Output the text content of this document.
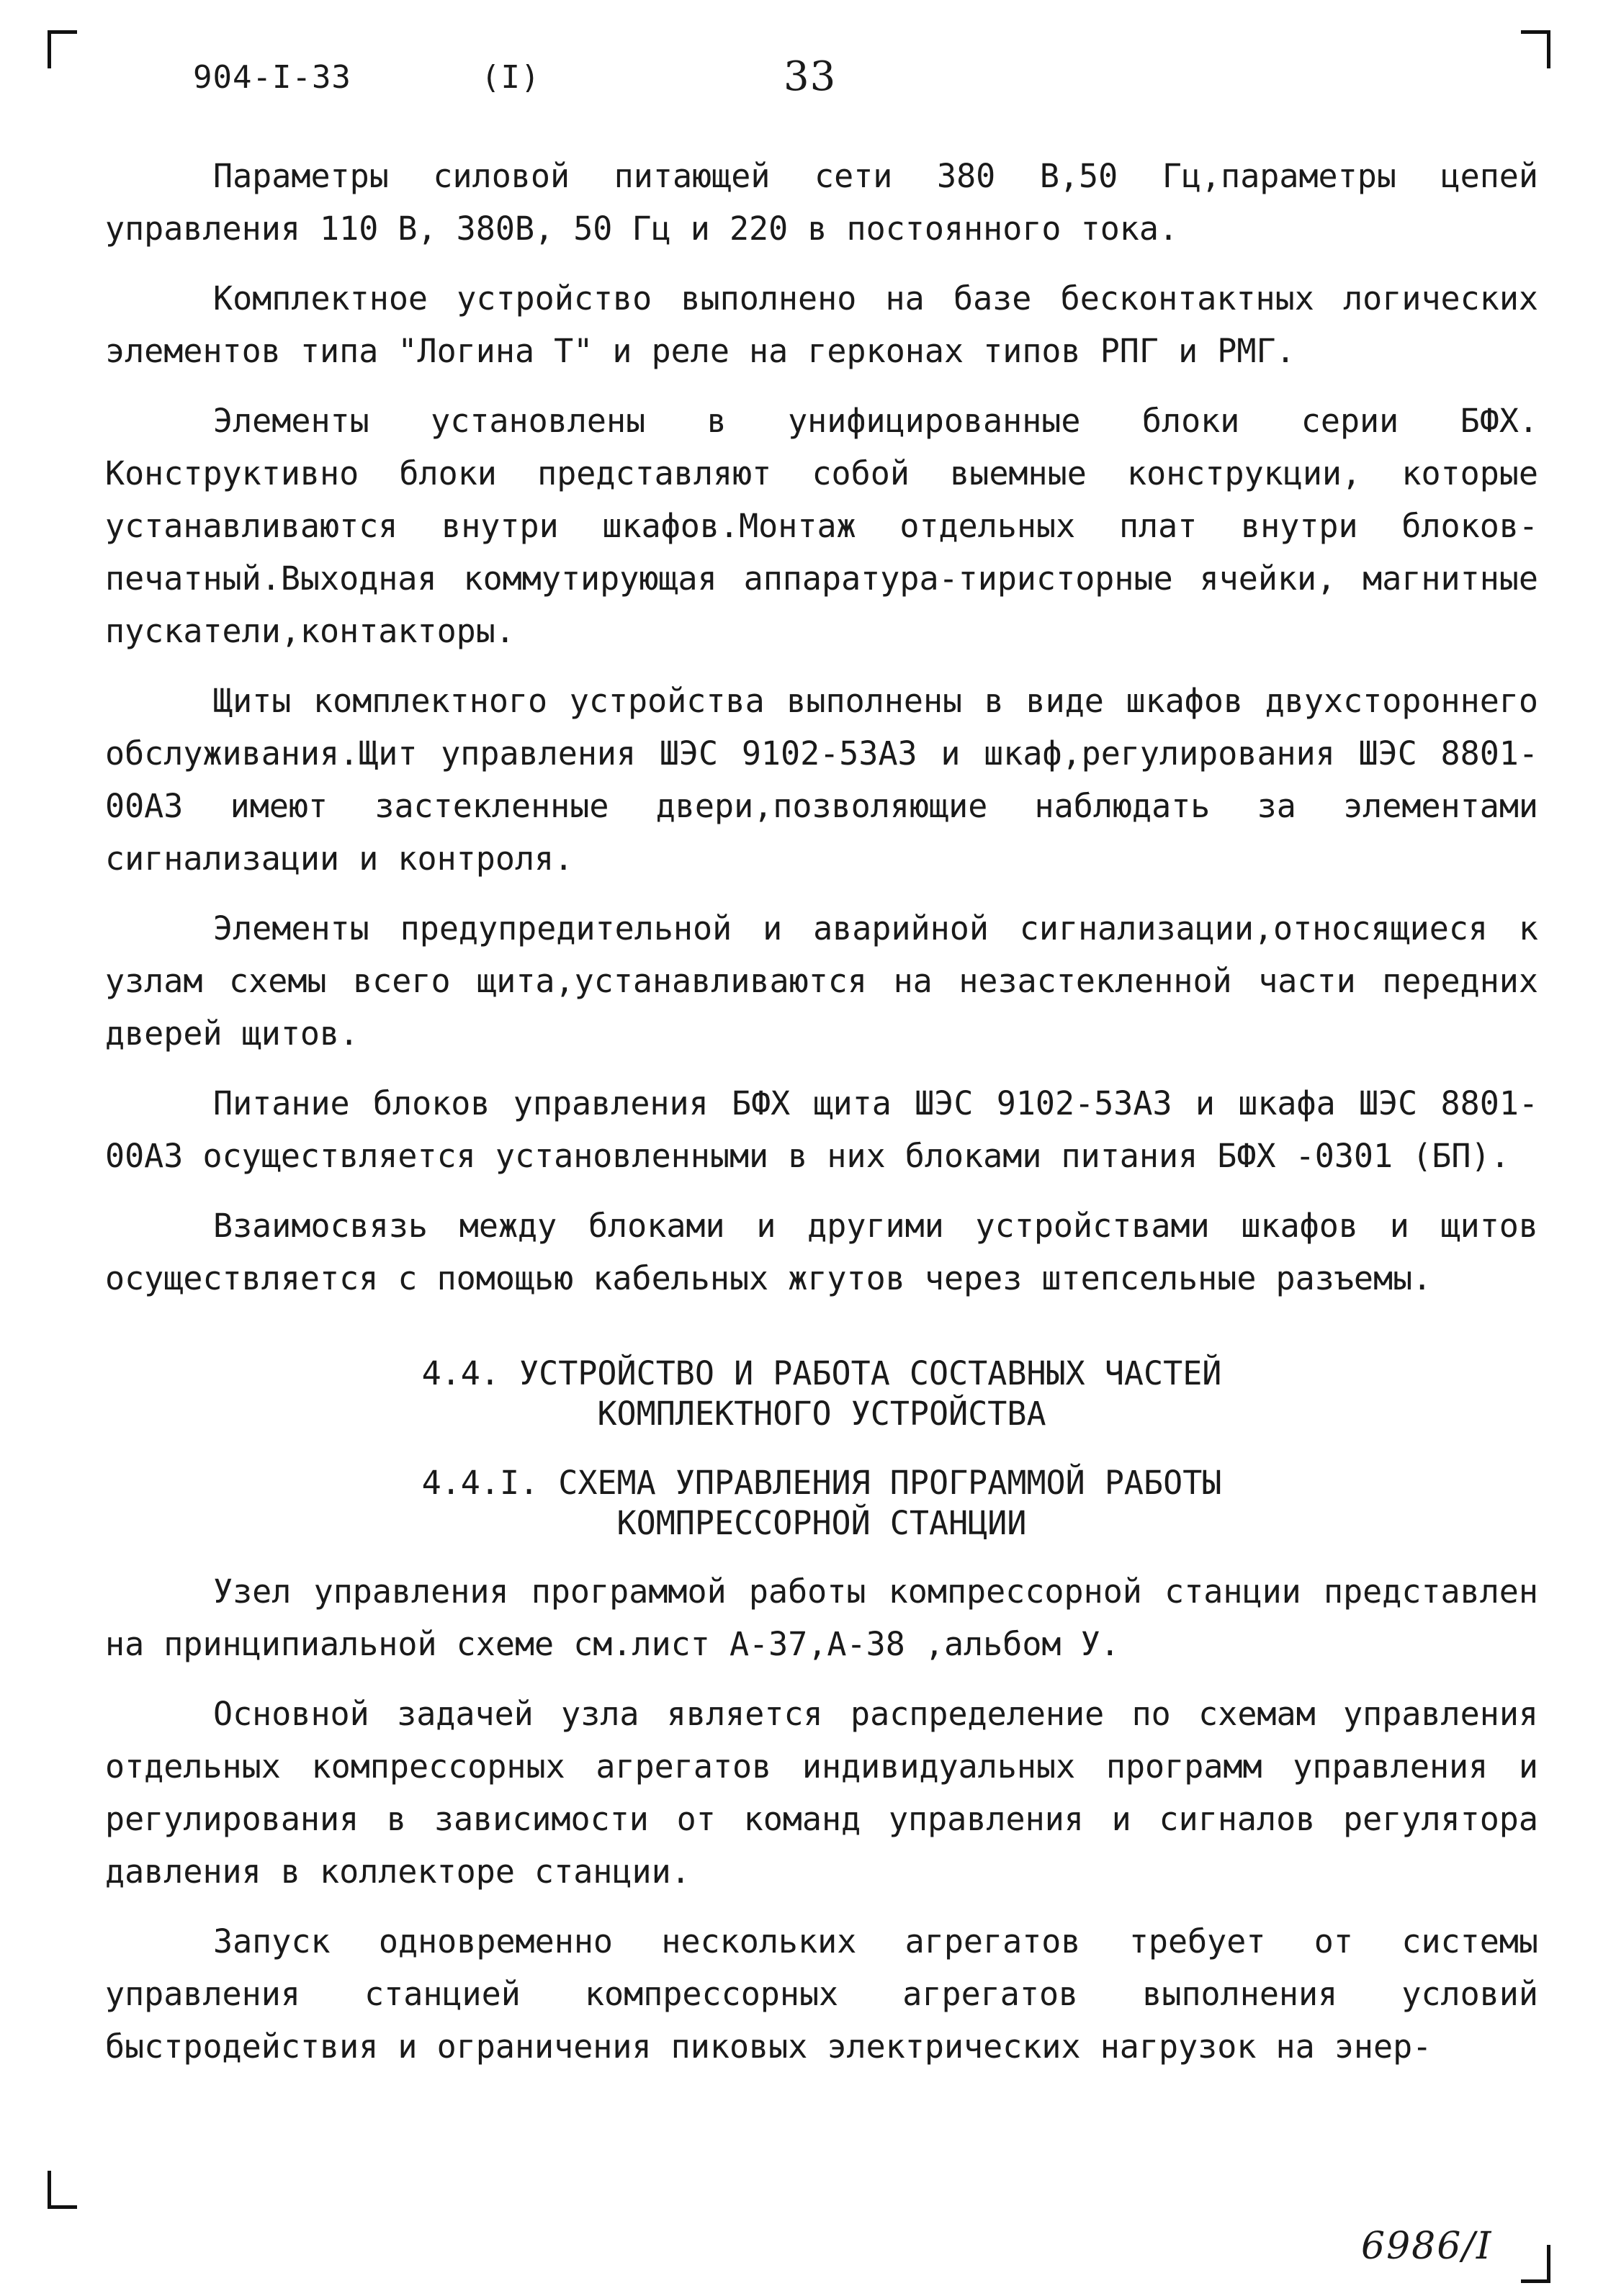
904-I-33	(I)	33

Параметры силовой питающей сети 380 В,50 Гц,параметры цепей управления 110 В, 380В, 50 Гц и 220 в постоянного тока.

Комплектное устройство выполнено на базе бесконтактных логических элементов типа "Логина Т" и реле на герконах типов РПГ и РМГ.

Элементы установлены в унифицированные блоки серии БФХ. Конструктивно блоки представляют собой выемные конструкции, которые устанавливаются внутри шкафов.Монтаж отдельных плат внутри блоков-печатный.Выходная коммутирующая аппаратура-тиристорные ячейки, магнитные пускатели,контакторы.

Щиты комплектного устройства выполнены в виде шкафов двухстороннего обслуживания.Щит управления ШЭС 9102-53АЗ и шкаф,регулирования ШЭС 8801-00АЗ имеют застекленные двери,позволяющие наблюдать за элементами сигнализации и контроля.

Элементы предупредительной и аварийной сигнализации,относящиеся к узлам схемы всего щита,устанавливаются на незастекленной части передних дверей щитов.

Питание блоков управления БФХ щита ШЭС 9102-53АЗ и шкафа ШЭС 8801-00АЗ осуществляется установленными в них блоками питания БФХ -0301 (БП).

Взаимосвязь между блоками и другими устройствами шкафов и щитов осуществляется с помощью кабельных жгутов через штепсельные разъемы.

4.4. УСТРОЙСТВО И РАБОТА СОСТАВНЫХ ЧАСТЕЙ
КОМПЛЕКТНОГО УСТРОЙСТВА
4.4.I. СХЕМА УПРАВЛЕНИЯ ПРОГРАММОЙ РАБОТЫ
КОМПРЕССОРНОЙ СТАНЦИИ

Узел управления программой работы компрессорной станции представлен на принципиальной схеме см.лист А-37,А-38 ,альбом У.

Основной задачей узла является распределение по схемам управления отдельных компрессорных агрегатов индивидуальных программ управления и регулирования в зависимости от команд управления и сигналов регулятора давления в коллекторе станции.

Запуск одновременно нескольких агрегатов требует от системы управления станцией компрессорных агрегатов выполнения условий быстродействия и ограничения пиковых электрических нагрузок на энер-

6986/I
